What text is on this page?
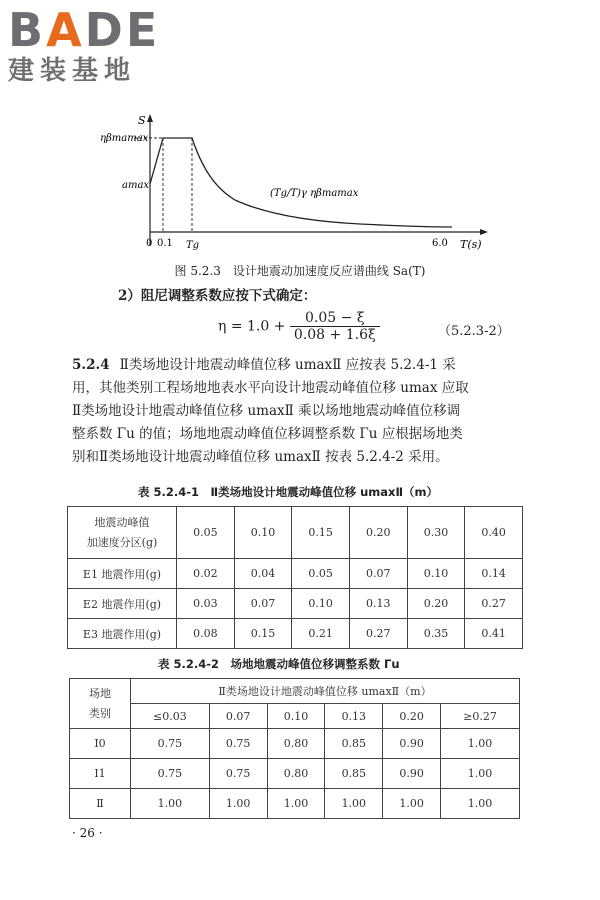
BADE
建装基地
S
ηβmamax
amax
(Tg/T)γ ηβmamax
0 0.1 Tg	6.0 T(s)
图 5.2.3　设计地震动加速度反应谱曲线 Sa(T)
2）阻尼调整系数应按下式确定：
$\eta = 1.0 + \frac{0.05 - \xi}{0.08 + 1.6\xi}$	（5.2.3-2）
5.2.4 Ⅱ类场地设计地震动峰值位移 umaxⅡ 应按表 5.2.4-1 采
用，其他类别工程场地地表水平向设计地震动峰值位移 umax 应取
Ⅱ类场地设计地震动峰值位移 umaxⅡ 乘以场地地震动峰值位移调
整系数 Γu 的值；场地地震动峰值位移调整系数 Γu 应根据场地类
别和Ⅱ类场地设计地震动峰值位移 umaxⅡ 按表 5.2.4-2 采用。
表 5.2.4-1　Ⅱ类场地设计地震动峰值位移 umaxⅡ（m）
地震动峰值
加速度分区(g)	0.05	0.10	0.15	0.20	0.30	0.40
E1 地震作用(g)	0.02	0.04	0.05	0.07	0.10	0.14
E2 地震作用(g)	0.03	0.07	0.10	0.13	0.20	0.27
E3 地震作用(g)	0.08	0.15	0.21	0.27	0.35	0.41
表 5.2.4-2　场地地震动峰值位移调整系数 Γu
场地
类别	Ⅱ类场地设计地震动峰值位移 umaxⅡ（m）					
	≤0.03	0.07	0.10	0.13	0.20	≥0.27
I0	0.75	0.75	0.80	0.85	0.90	1.00
I1	0.75	0.75	0.80	0.85	0.90	1.00
Ⅱ	1.00	1.00	1.00	1.00	1.00	1.00
· 26 ·
